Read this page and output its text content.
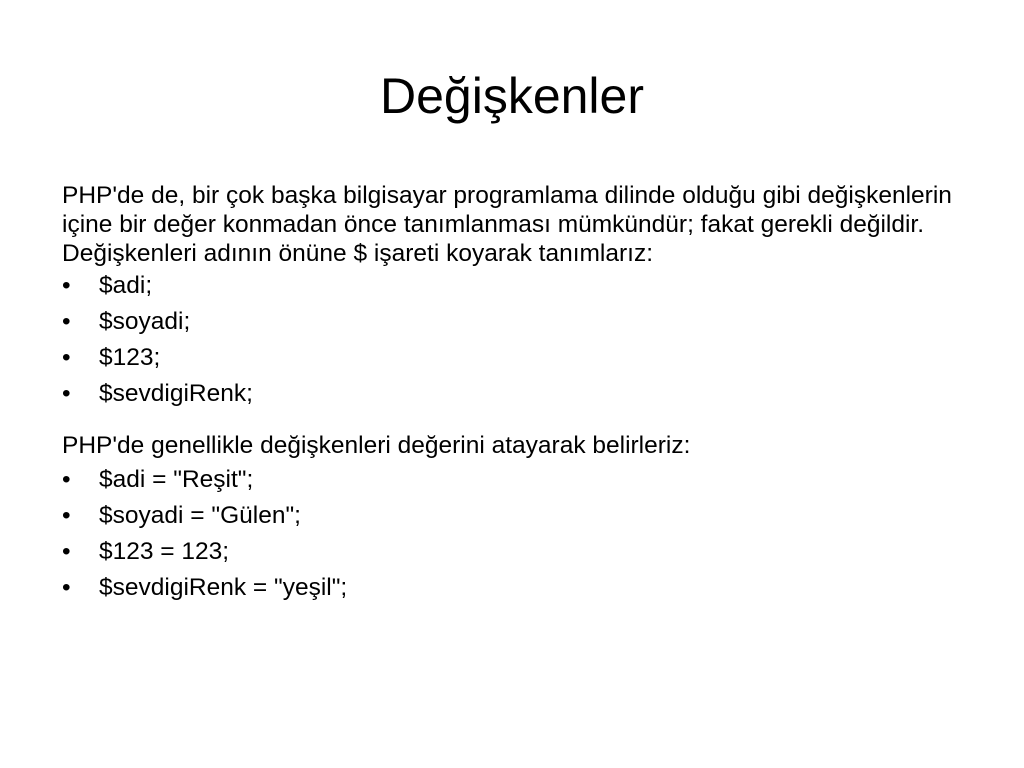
Değişkenler

PHP'de de, bir çok başka bilgisayar programlama dilinde olduğu gibi değişkenlerin içine bir değer konmadan önce tanımlanması mümkündür; fakat gerekli değildir. Değişkenleri adının önüne $ işareti koyarak tanımlarız:

•	$adi;
•	$soyadi;
•	$123;
•	$sevdigiRenk;

PHP'de genellikle değişkenleri değerini atayarak belirleriz:

•	$adi = "Reşit";
•	$soyadi = "Gülen";
•	$123 = 123;
•	$sevdigiRenk = "yeşil";
